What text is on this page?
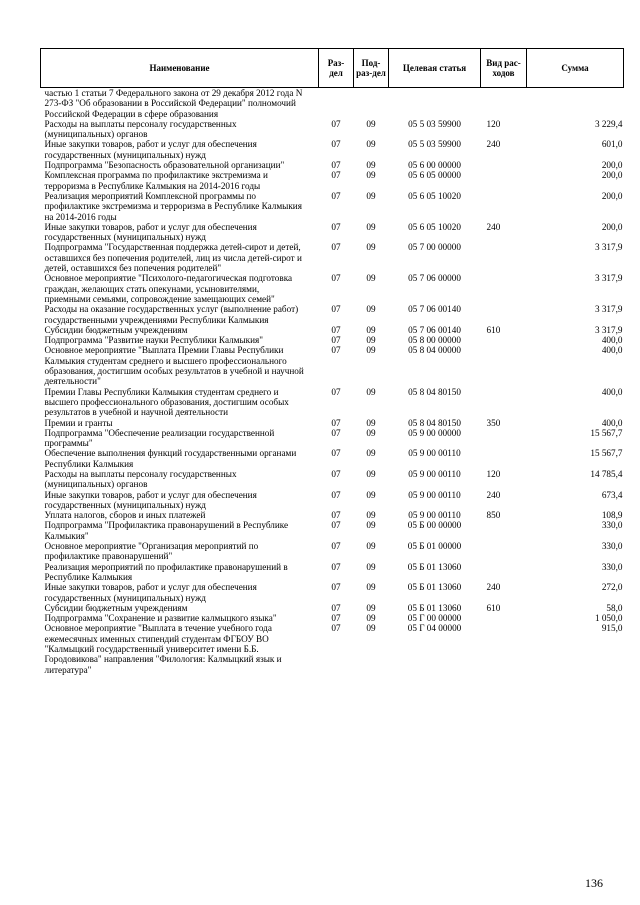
Наименование	Раз-дел	Под-раз-дел	Целевая статья	Вид рас-ходов	Сумма
частью 1 статьи 7 Федерального закона от 29 декабря 2012 года N 273-ФЗ "Об образовании в Российской Федерации" полномочий Российской Федерации в сфере образования					
Расходы на выплаты персоналу государственных (муниципальных) органов	07	09	05 5 03 59900	120	3 229,4
Иные закупки товаров, работ и услуг для обеспечения государственных (муниципальных) нужд	07	09	05 5 03 59900	240	601,0
Подпрограмма "Безопасность образовательной организации"	07	09	05 6 00 00000		200,0
Комплексная программа по профилактике экстремизма и терроризма в Республике Калмыкия на 2014-2016 годы	07	09	05 6 05 00000		200,0
Реализация мероприятий Комплексной программы по профилактике экстремизма и терроризма в Республике Калмыкия на 2014-2016 годы	07	09	05 6 05 10020		200,0
Иные закупки товаров, работ и услуг для обеспечения государственных (муниципальных) нужд	07	09	05 6 05 10020	240	200,0
Подпрограмма "Государственная поддержка детей-сирот и детей, оставшихся без попечения родителей, лиц из числа детей-сирот и детей, оставшихся без попечения родителей"	07	09	05 7 00 00000		3 317,9
Основное мероприятие "Психолого-педагогическая подготовка граждан, желающих стать опекунами, усыновителями, приемными семьями, сопровождение замещающих семей"	07	09	05 7 06 00000		3 317,9
Расходы на оказание государственных услуг (выполнение работ) государственными учреждениями Республики Калмыкия	07	09	05 7 06 00140		3 317,9
Субсидии бюджетным учреждениям	07	09	05 7 06 00140	610	3 317,9
Подпрограмма "Развитие науки Республики Калмыкия"	07	09	05 8 00 00000		400,0
Основное мероприятие "Выплата Премии Главы Республики Калмыкия студентам среднего и высшего профессионального образования, достигшим особых результатов в учебной и научной деятельности"	07	09	05 8 04 00000		400,0
Премии Главы Республики Калмыкия студентам среднего и высшего профессионального образования, достигшим особых результатов в учебной и научной деятельности	07	09	05 8 04 80150		400,0
Премии и гранты	07	09	05 8 04 80150	350	400,0
Подпрограмма "Обеспечение реализации государственной программы"	07	09	05 9 00 00000		15 567,7
Обеспечение выполнения функций государственными органами Республики Калмыкия	07	09	05 9 00 00110		15 567,7
Расходы на выплаты персоналу государственных (муниципальных) органов	07	09	05 9 00 00110	120	14 785,4
Иные закупки товаров, работ и услуг для обеспечения государственных (муниципальных) нужд	07	09	05 9 00 00110	240	673,4
Уплата налогов, сборов и иных платежей	07	09	05 9 00 00110	850	108,9
Подпрограмма "Профилактика правонарушений в Республике Калмыкия"	07	09	05 Б 00 00000		330,0
Основное мероприятие "Организация мероприятий по профилактике правонарушений"	07	09	05 Б 01 00000		330,0
Реализация мероприятий по профилактике правонарушений в Республике Калмыкия	07	09	05 Б 01 13060		330,0
Иные закупки товаров, работ и услуг для обеспечения государственных (муниципальных) нужд	07	09	05 Б 01 13060	240	272,0
Субсидии бюджетным учреждениям	07	09	05 Б 01 13060	610	58,0
Подпрограмма "Сохранение и развитие калмыцкого языка"	07	09	05 Г 00 00000		1 050,0
Основное мероприятие "Выплата в течение учебного года ежемесячных именных стипендий студентам ФГБОУ ВО "Калмыцкий государственный университет имени Б.Б. Городовикова" направления "Филология: Калмыцкий язык и литература"	07	09	05 Г 04 00000		915,0
136
